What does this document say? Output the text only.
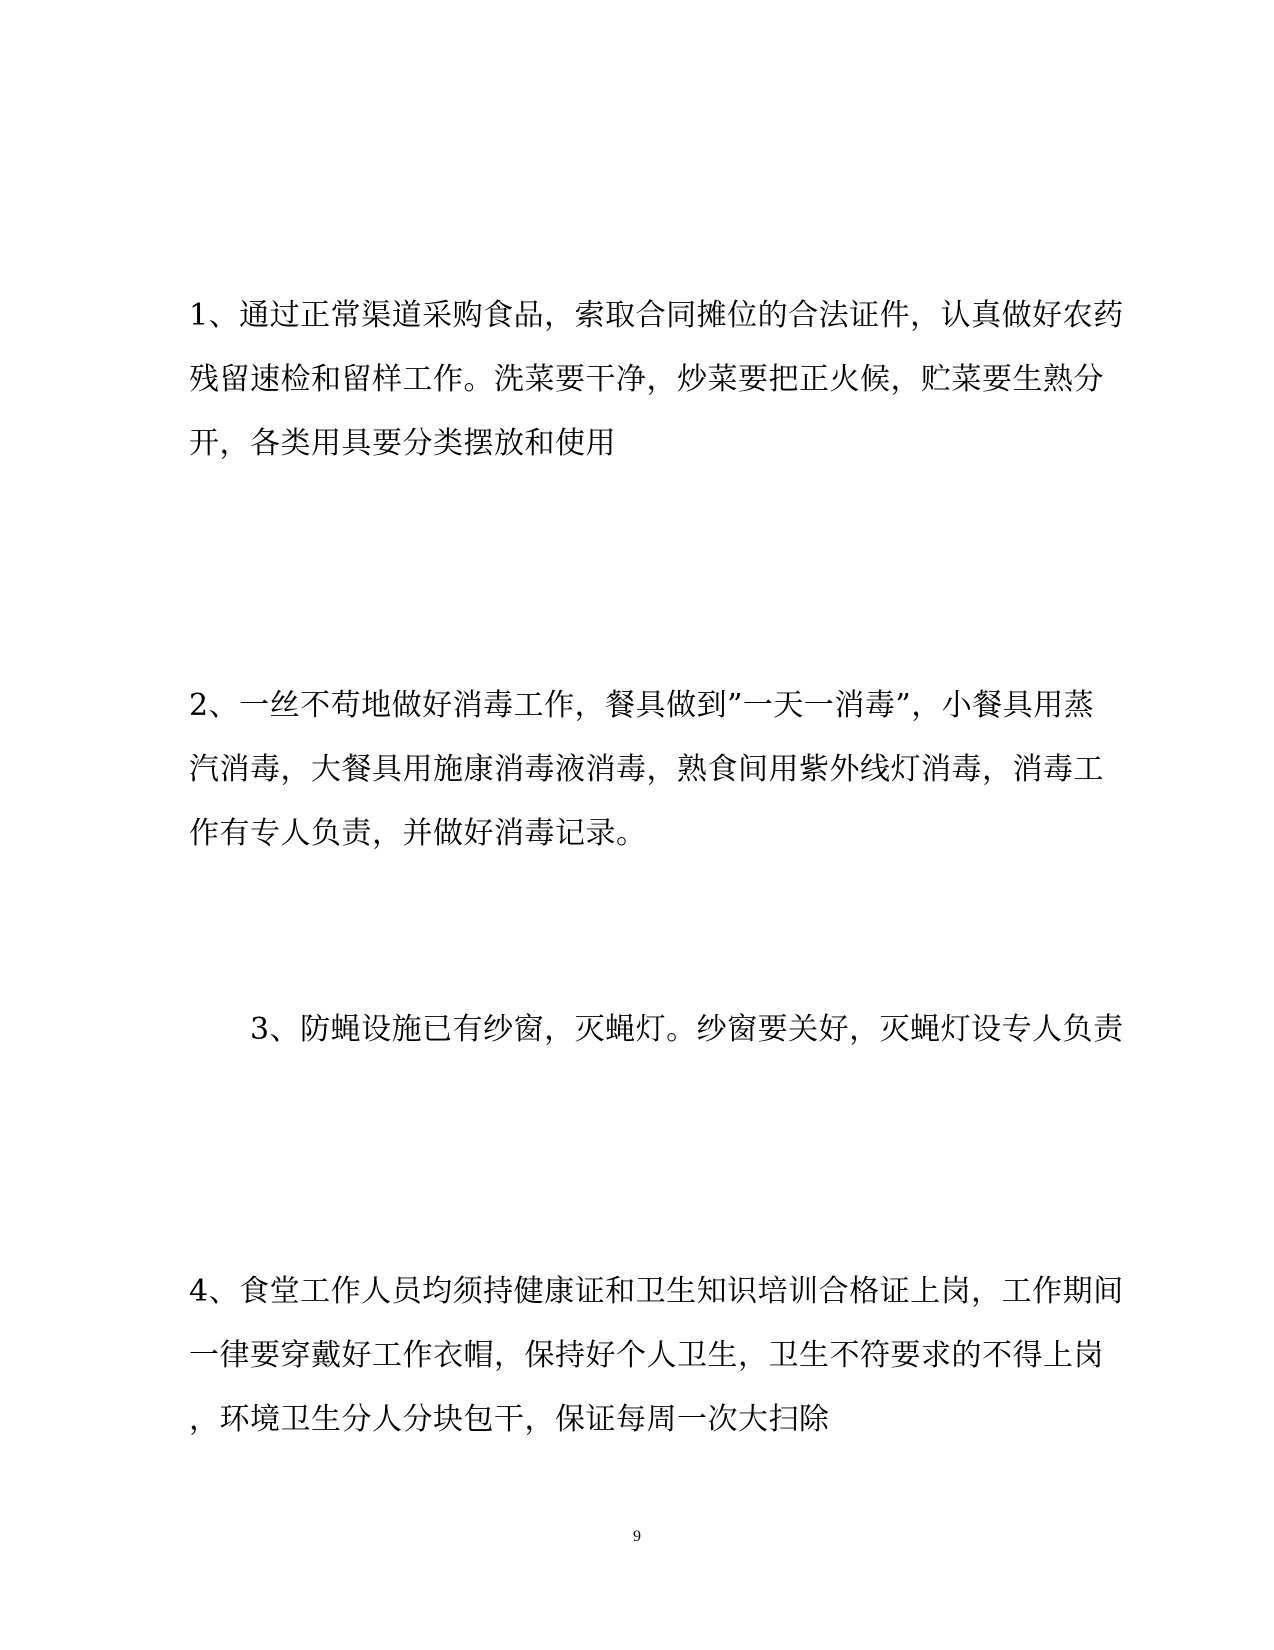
1、通过正常渠道采购食品，索取合同摊位的合法证件，认真做好农药
残留速检和留样工作。洗菜要干净，炒菜要把正火候，贮菜要生熟分
开，各类用具要分类摆放和使用
2、一丝不苟地做好消毒工作，餐具做到”一天一消毒”，小餐具用蒸
汽消毒，大餐具用施康消毒液消毒，熟食间用紫外线灯消毒，消毒工
作有专人负责，并做好消毒记录。
　　3、防蝇设施已有纱窗，灭蝇灯。纱窗要关好，灭蝇灯设专人负责
4、食堂工作人员均须持健康证和卫生知识培训合格证上岗，工作期间
一律要穿戴好工作衣帽，保持好个人卫生，卫生不符要求的不得上岗
，环境卫生分人分块包干，保证每周一次大扫除
9
